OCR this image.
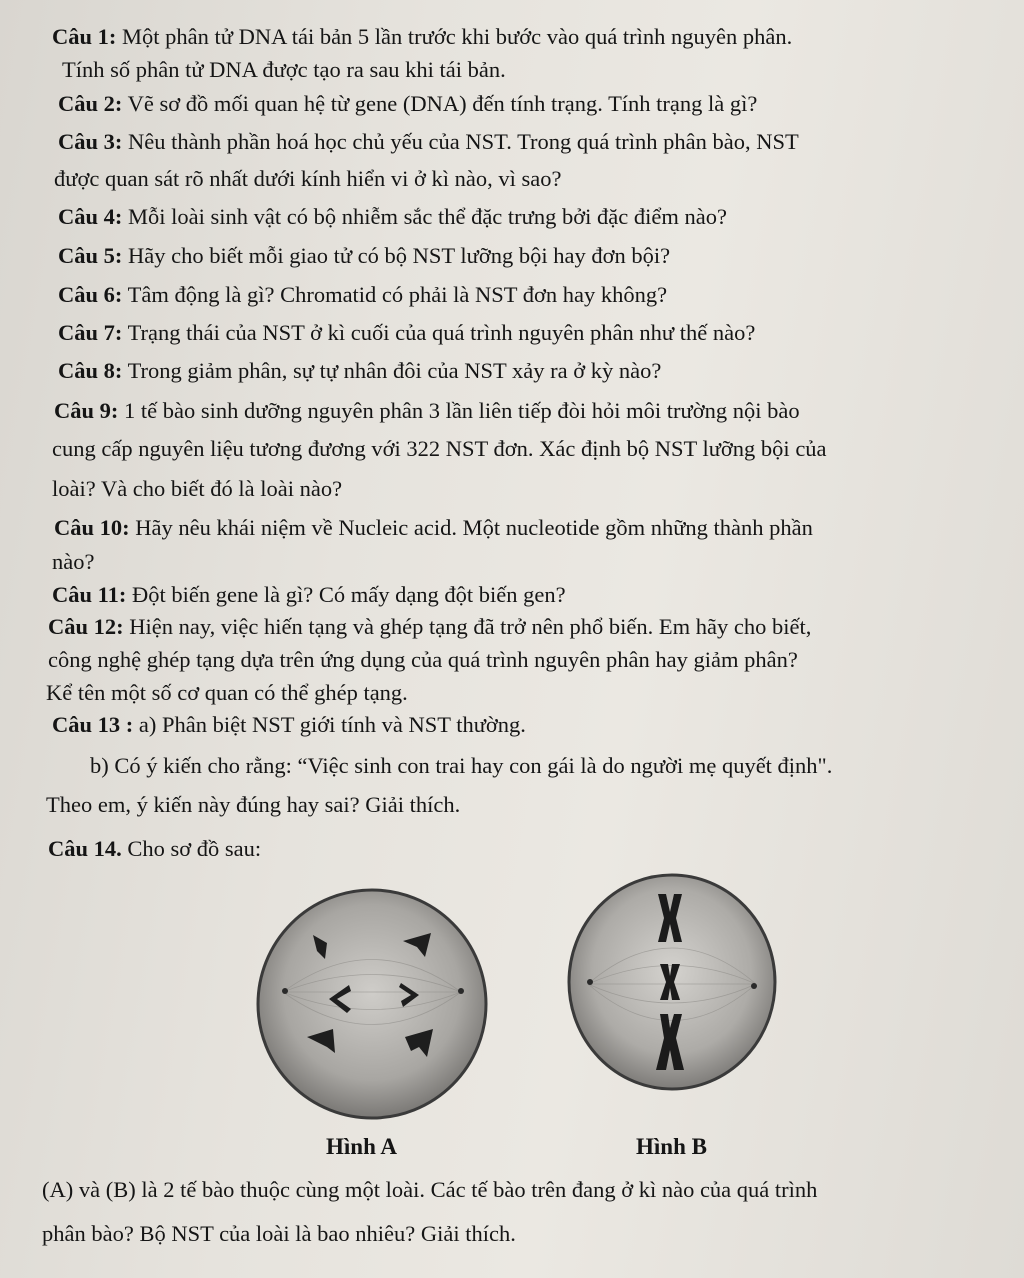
Câu 1: Một phân tử DNA tái bản 5 lần trước khi bước vào quá trình nguyên phân.
Tính số phân tử DNA được tạo ra sau khi tái bản.
Câu 2: Vẽ sơ đồ mối quan hệ từ gene (DNA) đến tính trạng. Tính trạng là gì?
Câu 3: Nêu thành phần hoá học chủ yếu của NST. Trong quá trình phân bào, NST
được quan sát rõ nhất dưới kính hiển vi ở kì nào, vì sao?
Câu 4: Mỗi loài sinh vật có bộ nhiễm sắc thể đặc trưng bởi đặc điểm nào?
Câu 5: Hãy cho biết mỗi giao tử có bộ NST lưỡng bội hay đơn bội?
Câu 6: Tâm động là gì? Chromatid có phải là NST đơn hay không?
Câu 7: Trạng thái của NST ở kì cuối của quá trình nguyên phân như thế nào?
Câu 8: Trong giảm phân, sự tự nhân đôi của NST xảy ra ở kỳ nào?
Câu 9: 1 tế bào sinh dưỡng nguyên phân 3 lần liên tiếp đòi hỏi môi trường nội bào
cung cấp nguyên liệu tương đương với 322 NST đơn. Xác định bộ NST lưỡng bội của
loài? Và cho biết đó là loài nào?
Câu 10: Hãy nêu khái niệm về Nucleic acid. Một nucleotide gồm những thành phần
nào?
Câu 11: Đột biến gene là gì? Có mấy dạng đột biến gen?
Câu 12: Hiện nay, việc hiến tạng và ghép tạng đã trở nên phổ biến. Em hãy cho biết,
công nghệ ghép tạng dựa trên ứng dụng của quá trình nguyên phân hay giảm phân?
Kể tên một số cơ quan có thể ghép tạng.
Câu 13 : a) Phân biệt NST giới tính và NST thường.
b) Có ý kiến cho rằng: “Việc sinh con trai hay con gái là do người mẹ quyết định".
Theo em, ý kiến này đúng hay sai? Giải thích.
Câu 14. Cho sơ đồ sau:
Hình A	Hình B
(A) và (B) là 2 tế bào thuộc cùng một loài. Các tế bào trên đang ở kì nào của quá trình
phân bào? Bộ NST của loài là bao nhiêu? Giải thích.
